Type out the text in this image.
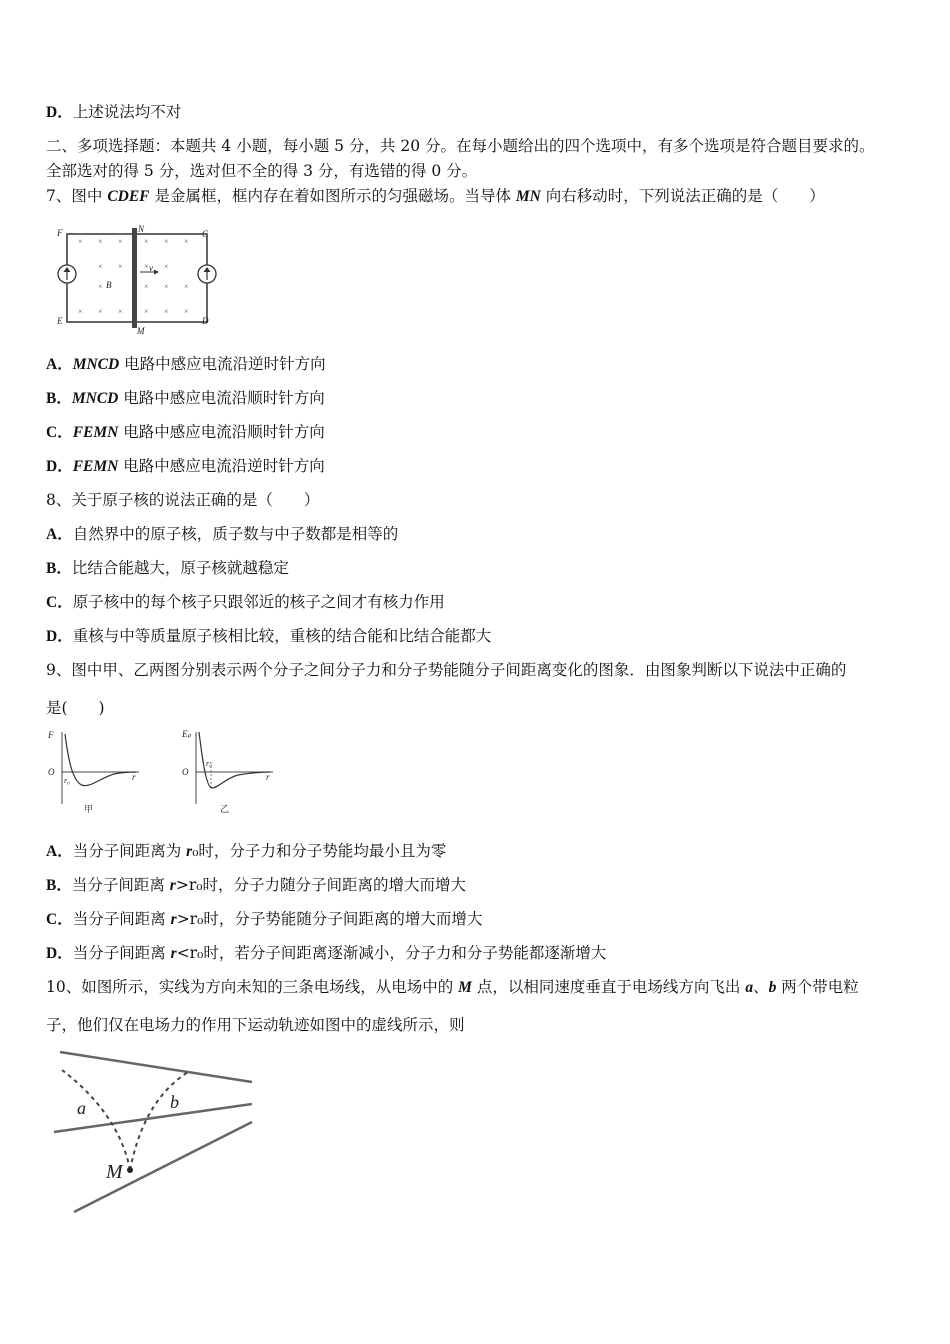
D．上述说法均不对
二、多项选择题：本题共 4 小题，每小题 5 分，共 20 分。在每小题给出的四个选项中，有多个选项是符合题目要求的。
全部选对的得 5 分，选对但不全的得 3 分，有选错的得 0 分。
7、图中 CDEF 是金属框，框内存在着如图所示的匀强磁场。当导体 MN 向右移动时，下列说法正确的是（　　）
× × ×	× × ×
× ×	× ×
×	× × ×
× × ×	× × ×
F	N	C
E
M
D
B
v
A．MNCD 电路中感应电流沿逆时针方向
B．MNCD 电路中感应电流沿顺时针方向
C．FEMN 电路中感应电流沿顺时针方向
D．FEMN 电路中感应电流沿逆时针方向
8、关于原子核的说法正确的是（　　）
A．自然界中的原子核，质子数与中子数都是相等的
B．比结合能越大，原子核就越稳定
C．原子核中的每个核子只跟邻近的核子之间才有核力作用
D．重核与中等质量原子核相比较，重核的结合能和比结合能都大
9、图中甲、乙两图分别表示两个分子之间分子力和分子势能随分子间距离变化的图象．由图象判断以下说法中正确的
是(　　)
F
O
r₀	r
甲
Eₚ
O
r₀
r
乙
A．当分子间距离为 r₀时，分子力和分子势能均最小且为零
B．当分子间距离 r>r₀时，分子力随分子间距离的增大而增大
C．当分子间距离 r>r₀时，分子势能随分子间距离的增大而增大
D．当分子间距离 r<r₀时，若分子间距离逐渐减小，分子力和分子势能都逐渐增大
10、如图所示，实线为方向未知的三条电场线，从电场中的 M 点，以相同速度垂直于电场线方向飞出 a、b 两个带电粒
子，他们仅在电场力的作用下运动轨迹如图中的虚线所示，则
a	b
M
